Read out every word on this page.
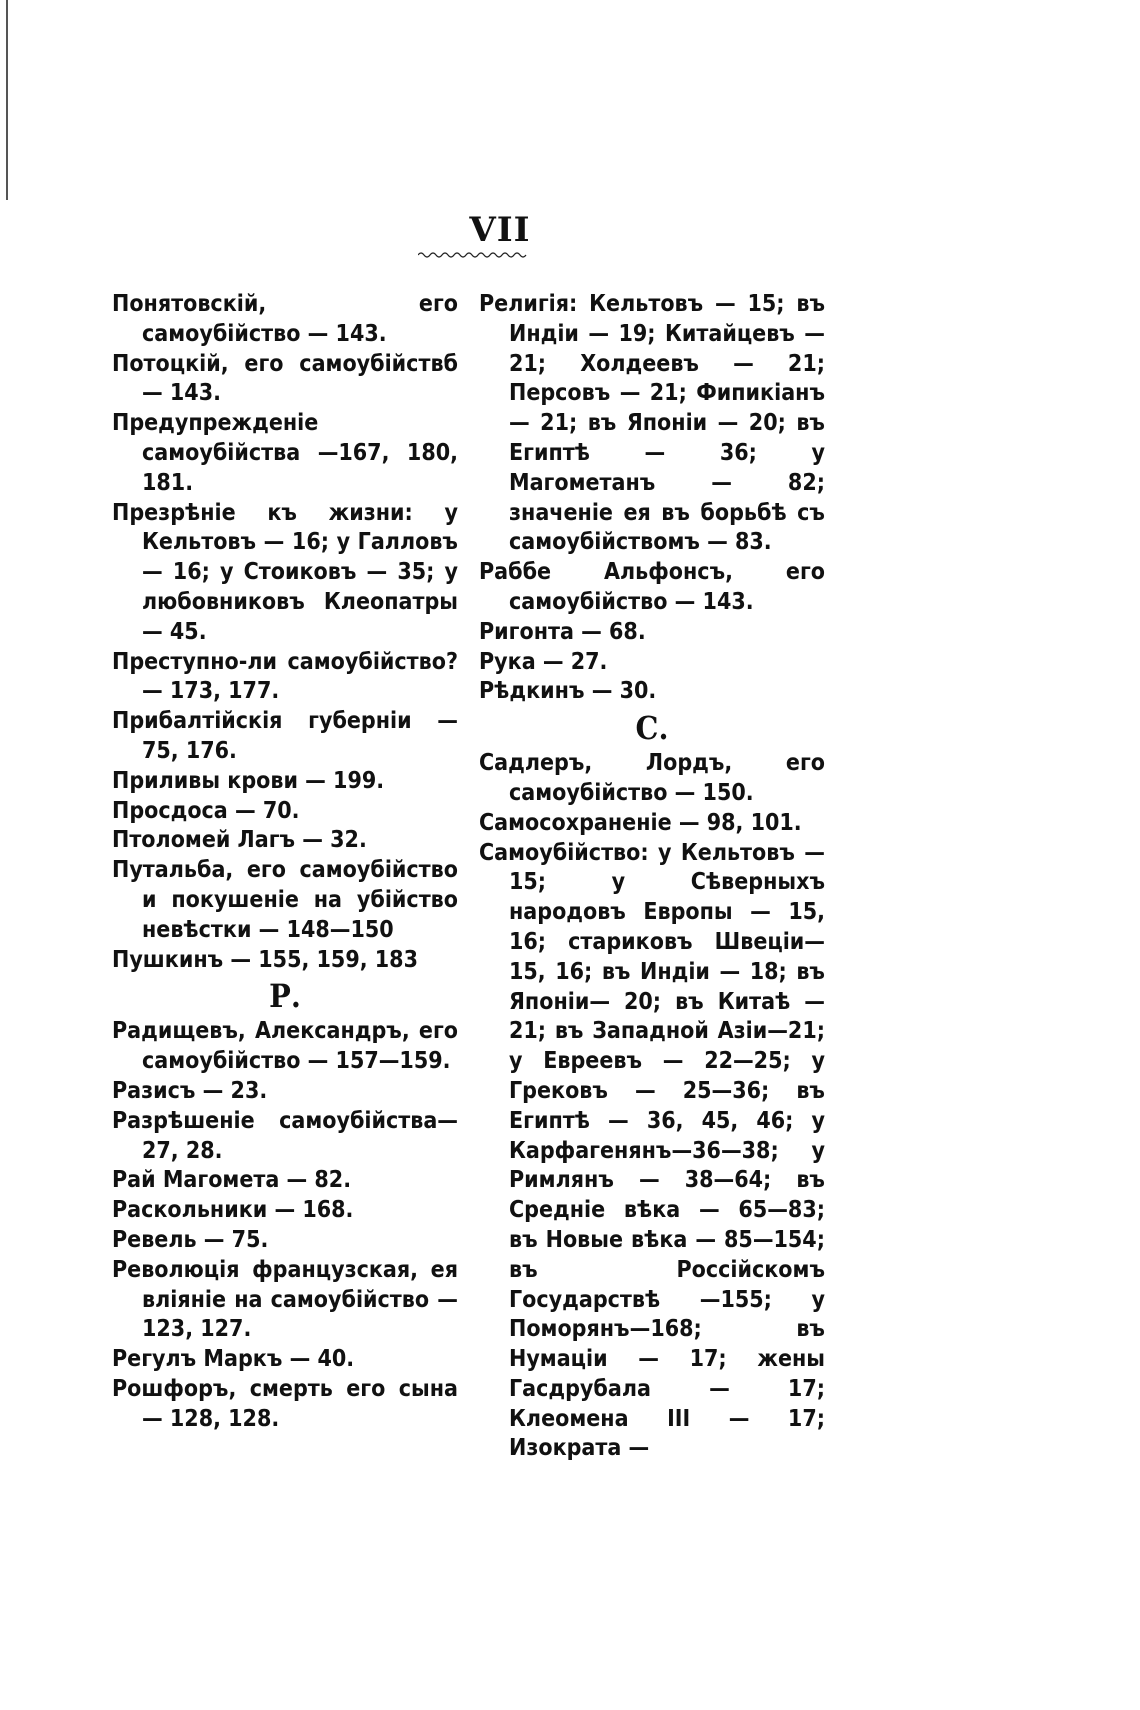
VII

Понятовскій, его самоубійство — 143.

Потоцкій, его самоубійствб — 143.

Предупрежденіе самоубійства —167, 180, 181.

Презрѣніе къ жизни: у Кельтовъ — 16; у Галловъ — 16; у Стоиковъ — 35; у любовниковъ Клеопатры — 45.

Преступно-ли самоубійство?— 173, 177.

Прибалтійскія губерніи — 75, 176.

Приливы крови — 199.

Просдоса — 70.

Птоломей Лагъ — 32.

Путальба, его самоубійство и покушеніе на убійство невѣстки — 148—150

Пушкинъ — 155, 159, 183

Р.

Радищевъ, Александръ, его самоубійство — 157—159.

Разисъ — 23.

Разрѣшеніе самоубійства—27, 28.

Рай Магомета — 82.

Раскольники — 168.

Ревель — 75.

Революція французская, ея вліяніе на самоубійство — 123, 127.

Регулъ Маркъ — 40.

Рошфоръ, смерть его сына — 128, 128.

Религія: Кельтовъ — 15; въ Индіи — 19; Китайцевъ — 21; Холдеевъ — 21; Персовъ — 21; Фипикіанъ — 21; въ Японіи — 20; въ Египтѣ — 36; у Магометанъ — 82; значеніе ея въ борьбѣ съ самоубійствомъ — 83.

Раббе Альфонсъ, его самоубійство — 143.

Ригонта — 68.

Рука — 27.

Рѣдкинъ — 30.

С.

Садлеръ, Лордъ, его самоубійство — 150.

Самосохраненіе — 98, 101.

Самоубійство: у Кельтовъ — 15; у Сѣверныхъ народовъ Европы — 15, 16; стариковъ Швеціи—15, 16; въ Индіи — 18; въ Японіи— 20; въ Китаѣ — 21; въ Западной Азіи—21; у Евреевъ — 22—25; у Грековъ — 25—36; въ Египтѣ — 36, 45, 46; у Карфагенянъ—36—38; у Римлянъ — 38—64; въ Средніе вѣка — 65—83; въ Новые вѣка — 85—154; въ Россійскомъ Государствѣ —155; у Поморянъ—168; въ Нумаціи — 17; жены Гасдрубала — 17; Клеомена III — 17; Изократа —
